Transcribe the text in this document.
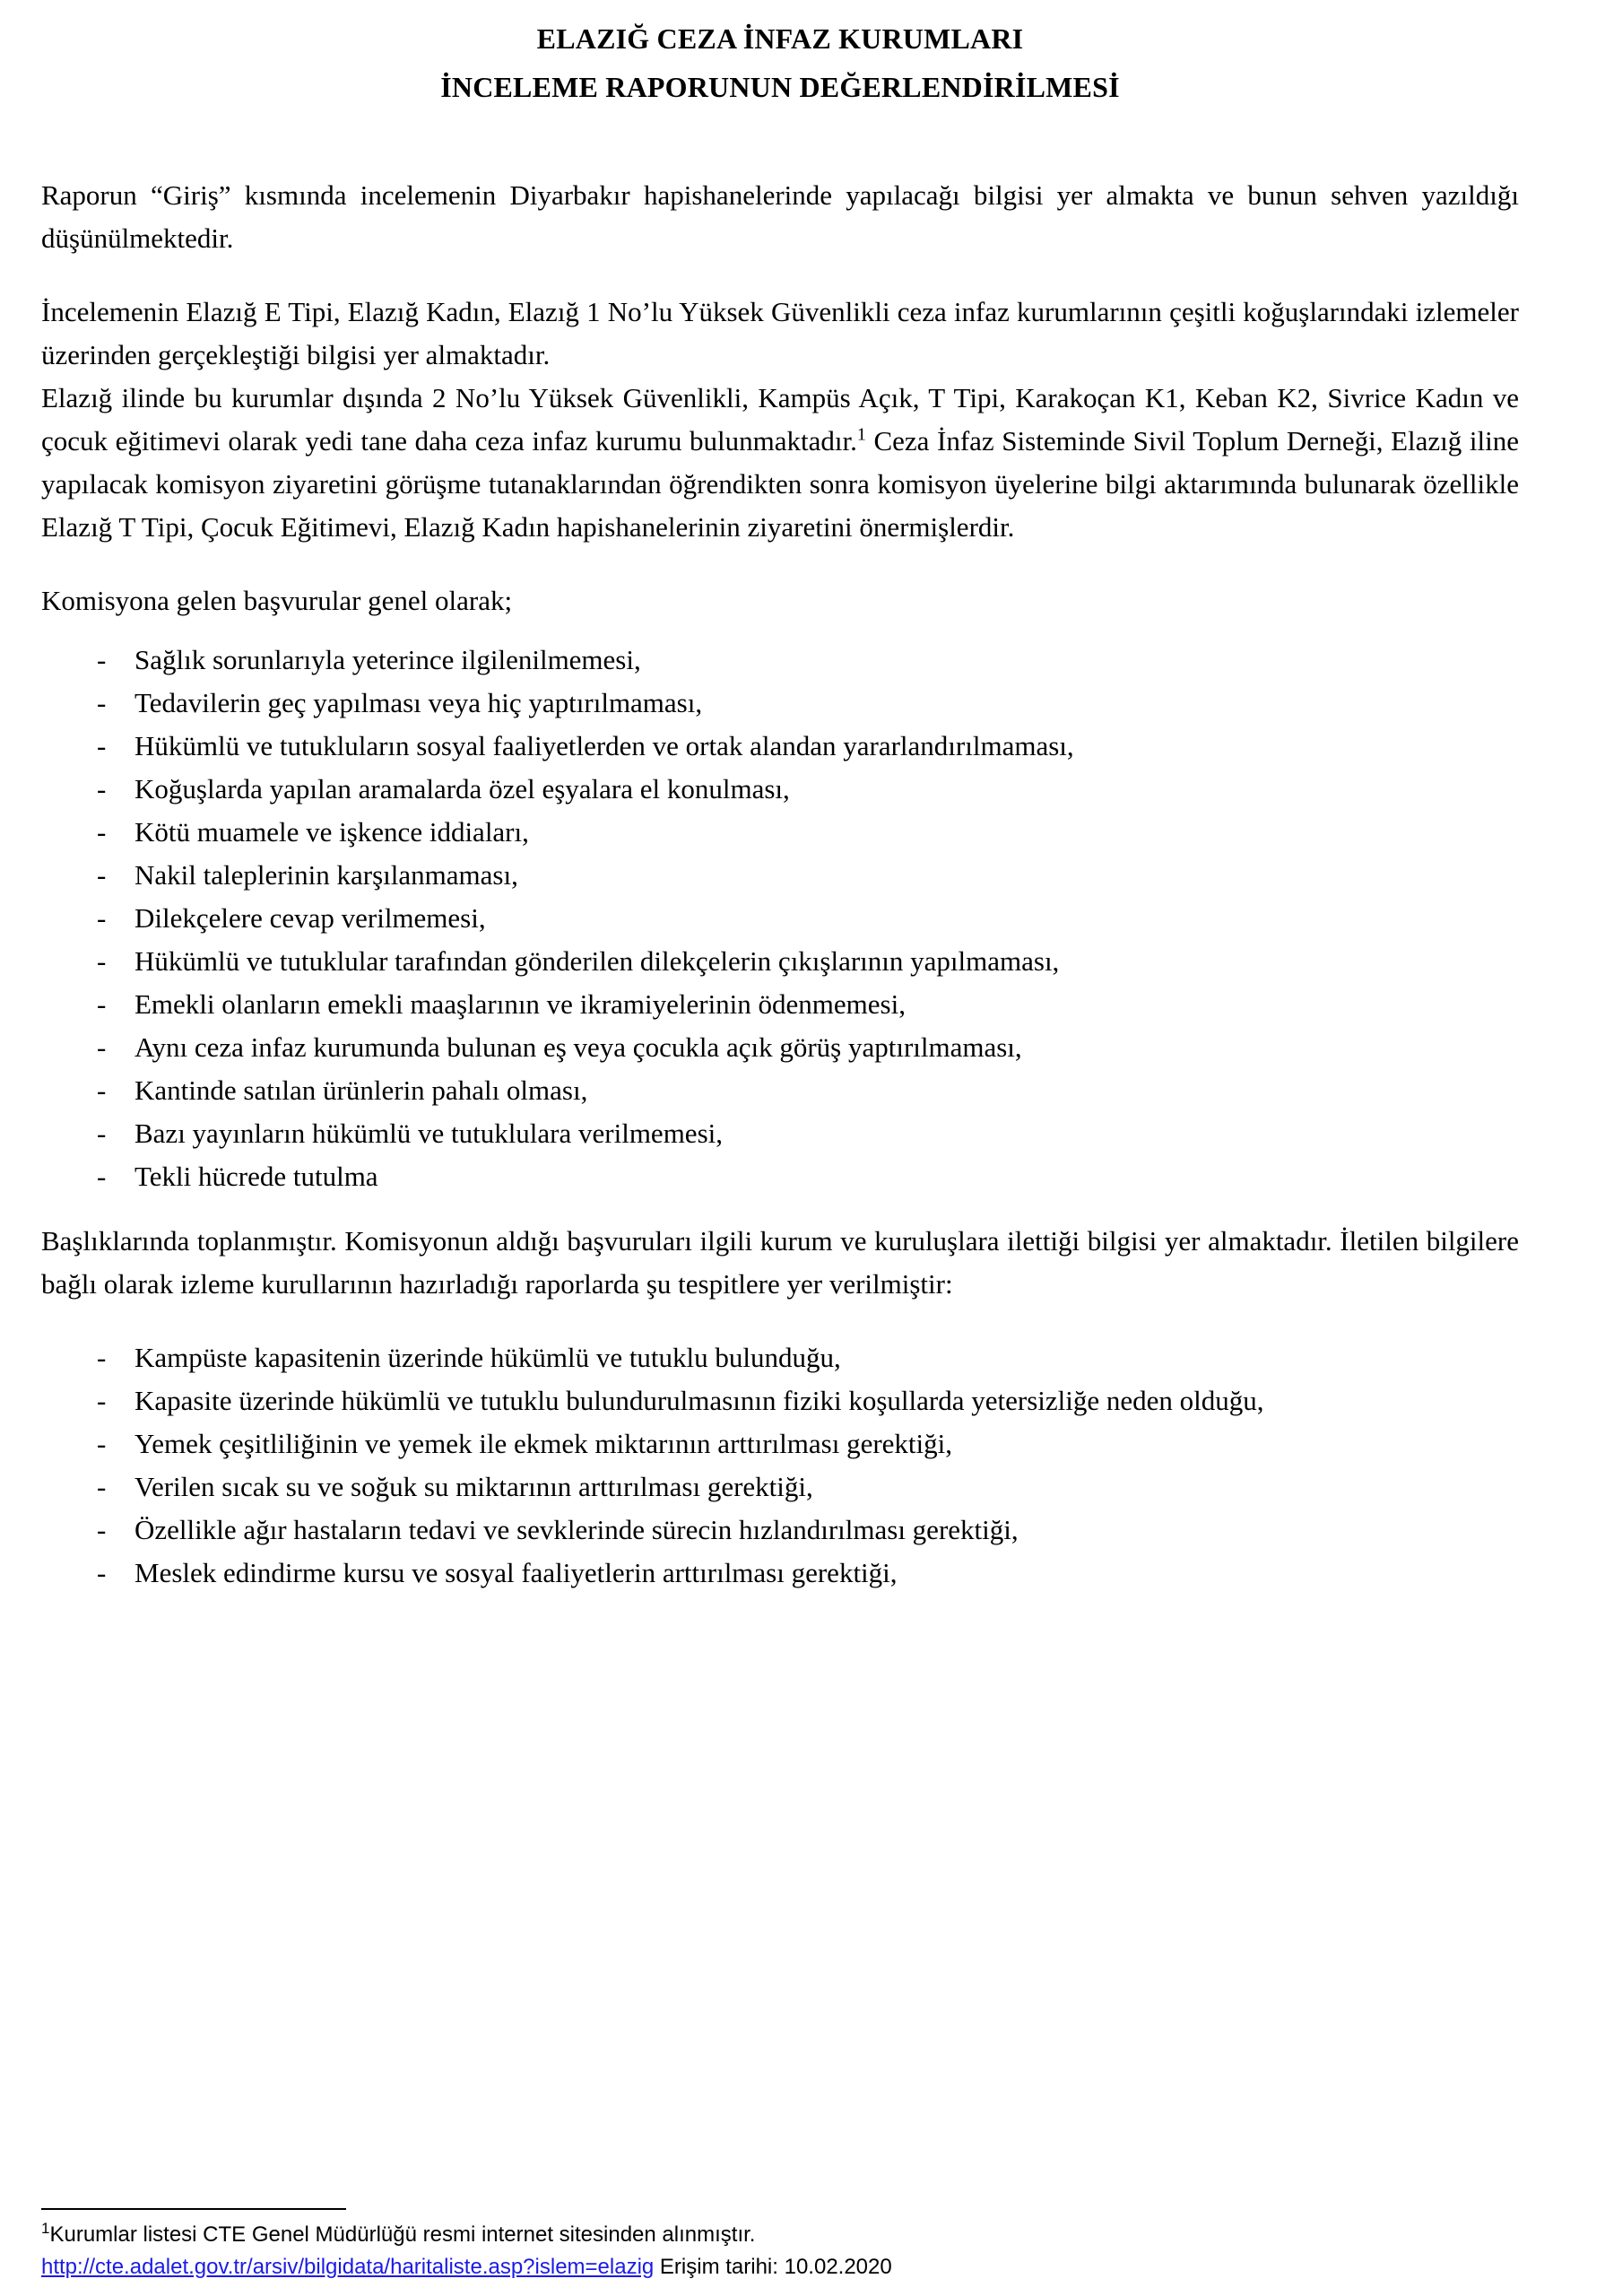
ELAZIĞ CEZA İNFAZ KURUMLARI
İNCELEME RAPORUNUN DEĞERLENDİRİLMESİ

Raporun “Giriş” kısmında incelemenin Diyarbakır hapishanelerinde yapılacağı bilgisi yer almakta ve bunun sehven yazıldığı düşünülmektedir.

İncelemenin Elazığ E Tipi, Elazığ Kadın, Elazığ 1 No’lu Yüksek Güvenlikli ceza infaz kurumlarının çeşitli koğuşlarındaki izlemeler üzerinden gerçekleştiği bilgisi yer almaktadır.

Elazığ ilinde bu kurumlar dışında 2 No’lu Yüksek Güvenlikli, Kampüs Açık, T Tipi, Karakoçan K1, Keban K2, Sivrice Kadın ve çocuk eğitimevi olarak yedi tane daha ceza infaz kurumu bulunmaktadır.$^1$ Ceza İnfaz Sisteminde Sivil Toplum Derneği, Elazığ iline yapılacak komisyon ziyaretini görüşme tutanaklarından öğrendikten sonra komisyon üyelerine bilgi aktarımında bulunarak özellikle Elazığ T Tipi, Çocuk Eğitimevi, Elazığ Kadın hapishanelerinin ziyaretini önermişlerdir.

Komisyona gelen başvurular genel olarak;

-	Sağlık sorunlarıyla yeterince ilgilenilmemesi,
-	Tedavilerin geç yapılması veya hiç yaptırılmaması,
-	Hükümlü ve tutukluların sosyal faaliyetlerden ve ortak alandan yararlandırılmaması,
-	Koğuşlarda yapılan aramalarda özel eşyalara el konulması,
-	Kötü muamele ve işkence iddiaları,
-	Nakil taleplerinin karşılanmaması,
-	Dilekçelere cevap verilmemesi,
-	Hükümlü ve tutuklular tarafından gönderilen dilekçelerin çıkışlarının yapılmaması,
-	Emekli olanların emekli maaşlarının ve ikramiyelerinin ödenmemesi,
-	Aynı ceza infaz kurumunda bulunan eş veya çocukla açık görüş yaptırılmaması,
-	Kantinde satılan ürünlerin pahalı olması,
-	Bazı yayınların hükümlü ve tutuklulara verilmemesi,
-	Tekli hücrede tutulma

Başlıklarında toplanmıştır. Komisyonun aldığı başvuruları ilgili kurum ve kuruluşlara ilettiği bilgisi yer almaktadır. İletilen bilgilere bağlı olarak izleme kurullarının hazırladığı raporlarda şu tespitlere yer verilmiştir:

-	Kampüste kapasitenin üzerinde hükümlü ve tutuklu bulunduğu,
-	Kapasite üzerinde hükümlü ve tutuklu bulundurulmasının fiziki koşullarda yetersizliğe neden olduğu,
-	Yemek çeşitliliğinin ve yemek ile ekmek miktarının arttırılması gerektiği,
-	Verilen sıcak su ve soğuk su miktarının arttırılması gerektiği,
-	Özellikle ağır hastaların tedavi ve sevklerinde sürecin hızlandırılması gerektiği,
-	Meslek edindirme kursu ve sosyal faaliyetlerin arttırılması gerektiği,
$^1$Kurumlar listesi CTE Genel Müdürlüğü resmi internet sitesinden alınmıştır.
http://cte.adalet.gov.tr/arsiv/bilgidata/haritaliste.asp?islem=elazig Erişim tarihi: 10.02.2020
